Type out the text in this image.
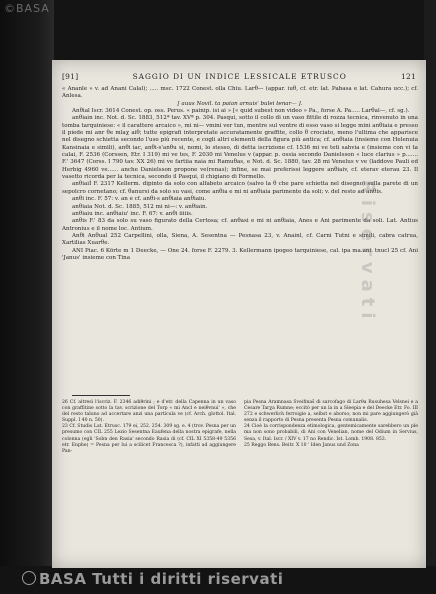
©BASA
[91]	SAGGIO DI UN INDICE LESSICALE ETRUSCO	121

« Ananle » v. ad Anani Calal); ..... msc. 1722 Conest. olla Chiu. Larθ— (appar. iuθ, cf. etr. lat. Pabasa e lat. Cahura ucc.); cf. Anlesa.

[ auus Novil. ta paian arnuis' bulei tenar— ].

Anθial Iscr. 3614 Conest. op. oss. Perus. « painip. isi ai » [« quid subest non video » Pa., forse A. Pa..... Larθal—, cf. sg.).

anθiain inc. Not. d. Sc. 1883, 512* tav. XVª p. 304. Pasqui, sotto il collo di un vaso fittile di rozza tecnica, rinvenuto in una tomba tarquiniese: « il carattere arcaico », mi ni— vmini ver tun, mentre sul ventre di esso vaso si legge mini anθiaia e presso il piede mi anr θe mlaχ aiθ; tutte epigrafi interpretate accuratamente graffite, collo θ crociato, meno l'ultima che apparisce nel disegno schietta secondo l'uso più recente, e cogli altri elementi della figura più antica; cf. anθiaia (insieme con Helenuia Kansinaia e simili), anθi iac, anθi-s'anθu si, nomi, lo stesso, di detta iscrizione cf. 1536 mi ve teti sahvia e (insieme con vi ta calai, F. 2536 (Corssen, Etr. I 319) mi ve tes, F. 2030 mi Venelus v (appar. p. ossia secondo Danielsson « luce clarius » p....... F.' 3647 (Corss. I 790 tav. XX 26) mi ve fartiia naia mi Ramuθas, e Not. d. Sc. 1880, tav. 28 mi Venelus v ve (laddove Pauli ed Herbig 4960 ve...... anche Danielsson propone ve(renas); infine, se mai preferissi leggere anθiaiv, cf. eterav eterau 23. Il vasetto ricorda per la tecnica, secondo il Pasqui, il chigiano di Formello.

anθiaiÍ F. 2317 Kellerm. dipinto da solo con alfabeto arcaico (salvo la θ che pare schietta nel disegno) sulla parete di un sepolcro cornetano; cf. θanursi da solo su vasi, come anθia e mi ni anθiaia parimente da soli; v. del resto ad anθis.

anθi inc. F. 57: v. an e cf. anθi-s anθiaia anθiaiu.

anθiaia Not. d. Sc. 1885, 512 mi ni—: v. anθiain.

anθiaiu inc. anθiaiu' inc. F. 67: v. anθi iiiiis.

anθis F.' 83 da solo su vaso figurato della Certosa; cf. anθasi e mi ni anθiaia, Anes e Ani parimente da soli. Lat. Antius Antronius e il nome loc. Antium.

Anθi Anθual 252 Carpellini, olla, Siena, A. Sesentna — Pesnasa 23, v. Anainl, cf. Carni Tutni e simili, cabra catrua, Xartilias Xuarθe.

ANI Piac. 6 Körte m 1 Deecke, — One 24. forse F. 2279. 3. Kellermann ipogeo tarquiniese, cal. ipa ma.ani. tnucl 25 cf. Ani 'Janus' insieme con Tina

26 Cf. altresì l'iscriz. F. 2346 adiθrini ; e d'etr. della Capenna in un vaso con graffitine sotto la tav. scrizione del Torp « mi Ancl e neiθvnui' », che del resto taluno ad accertare anzi una partícula ve (cf. Arch. glottol. Ital. Suppl. I 40 n. 50).

23 Cf. Studio Lat. Etrusc. 179 ei, 252. 254. 309 sg. e. 4 (trov. Pesna per un presumo con CIL 255 Lezio Sesentna Eaufena della nostra epigrafe, nella colonna (egli 'Sobn den Rasia' secondo Rasia di (cf. CIL XI 5358-49 5356 etr. Enphe) = Pesna per lui a scilicet Francesca ?), infatti ad aggiungere Pan-

pia Pesna Aramnasa Sveifinaš di sarcofago di Larθa Rusuhesa Velsnei e a Cesare Tarχa Rumne; eccitò per un la in a Sleepia e del Deecke Etr. Fo. III 272 e schwerlich ferroigie a, selbst e aborso; non mi pare aggiungerò già senza il rapporto di Pesna presenta Pesna comunalis.

24 Cioè la corrispondenza etimologica, gentemicamente sarebbero un ple ma non sono probabili, di Ani con Venelian, nome del Odium in Servius, Sesa, v. Ital. Iscr. / XIV v. 17 no Rendic. Ist. Lomb. 1908. 853.

25 Reggo Bens. Beitr. X 10 ' Iden Janus und Zona

Riservati
BASA Tutti i diritti riservati
